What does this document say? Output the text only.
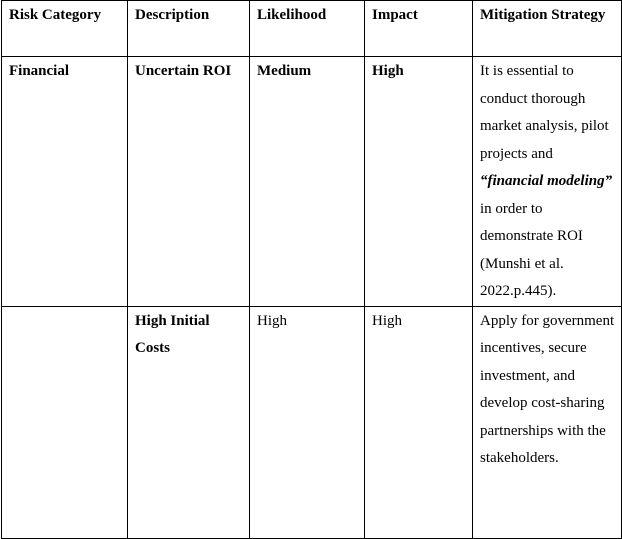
Risk Category	Description	Likelihood	Impact	Mitigation Strategy
Financial	Uncertain ROI	Medium	High	It is essential to conduct thorough market analysis, pilot projects and “financial modeling” in order to demonstrate ROI (Munshi et al. 2022.p.445).
	High Initial Costs	High	High	Apply for government incentives, secure investment, and develop cost-sharing partnerships with the stakeholders.
